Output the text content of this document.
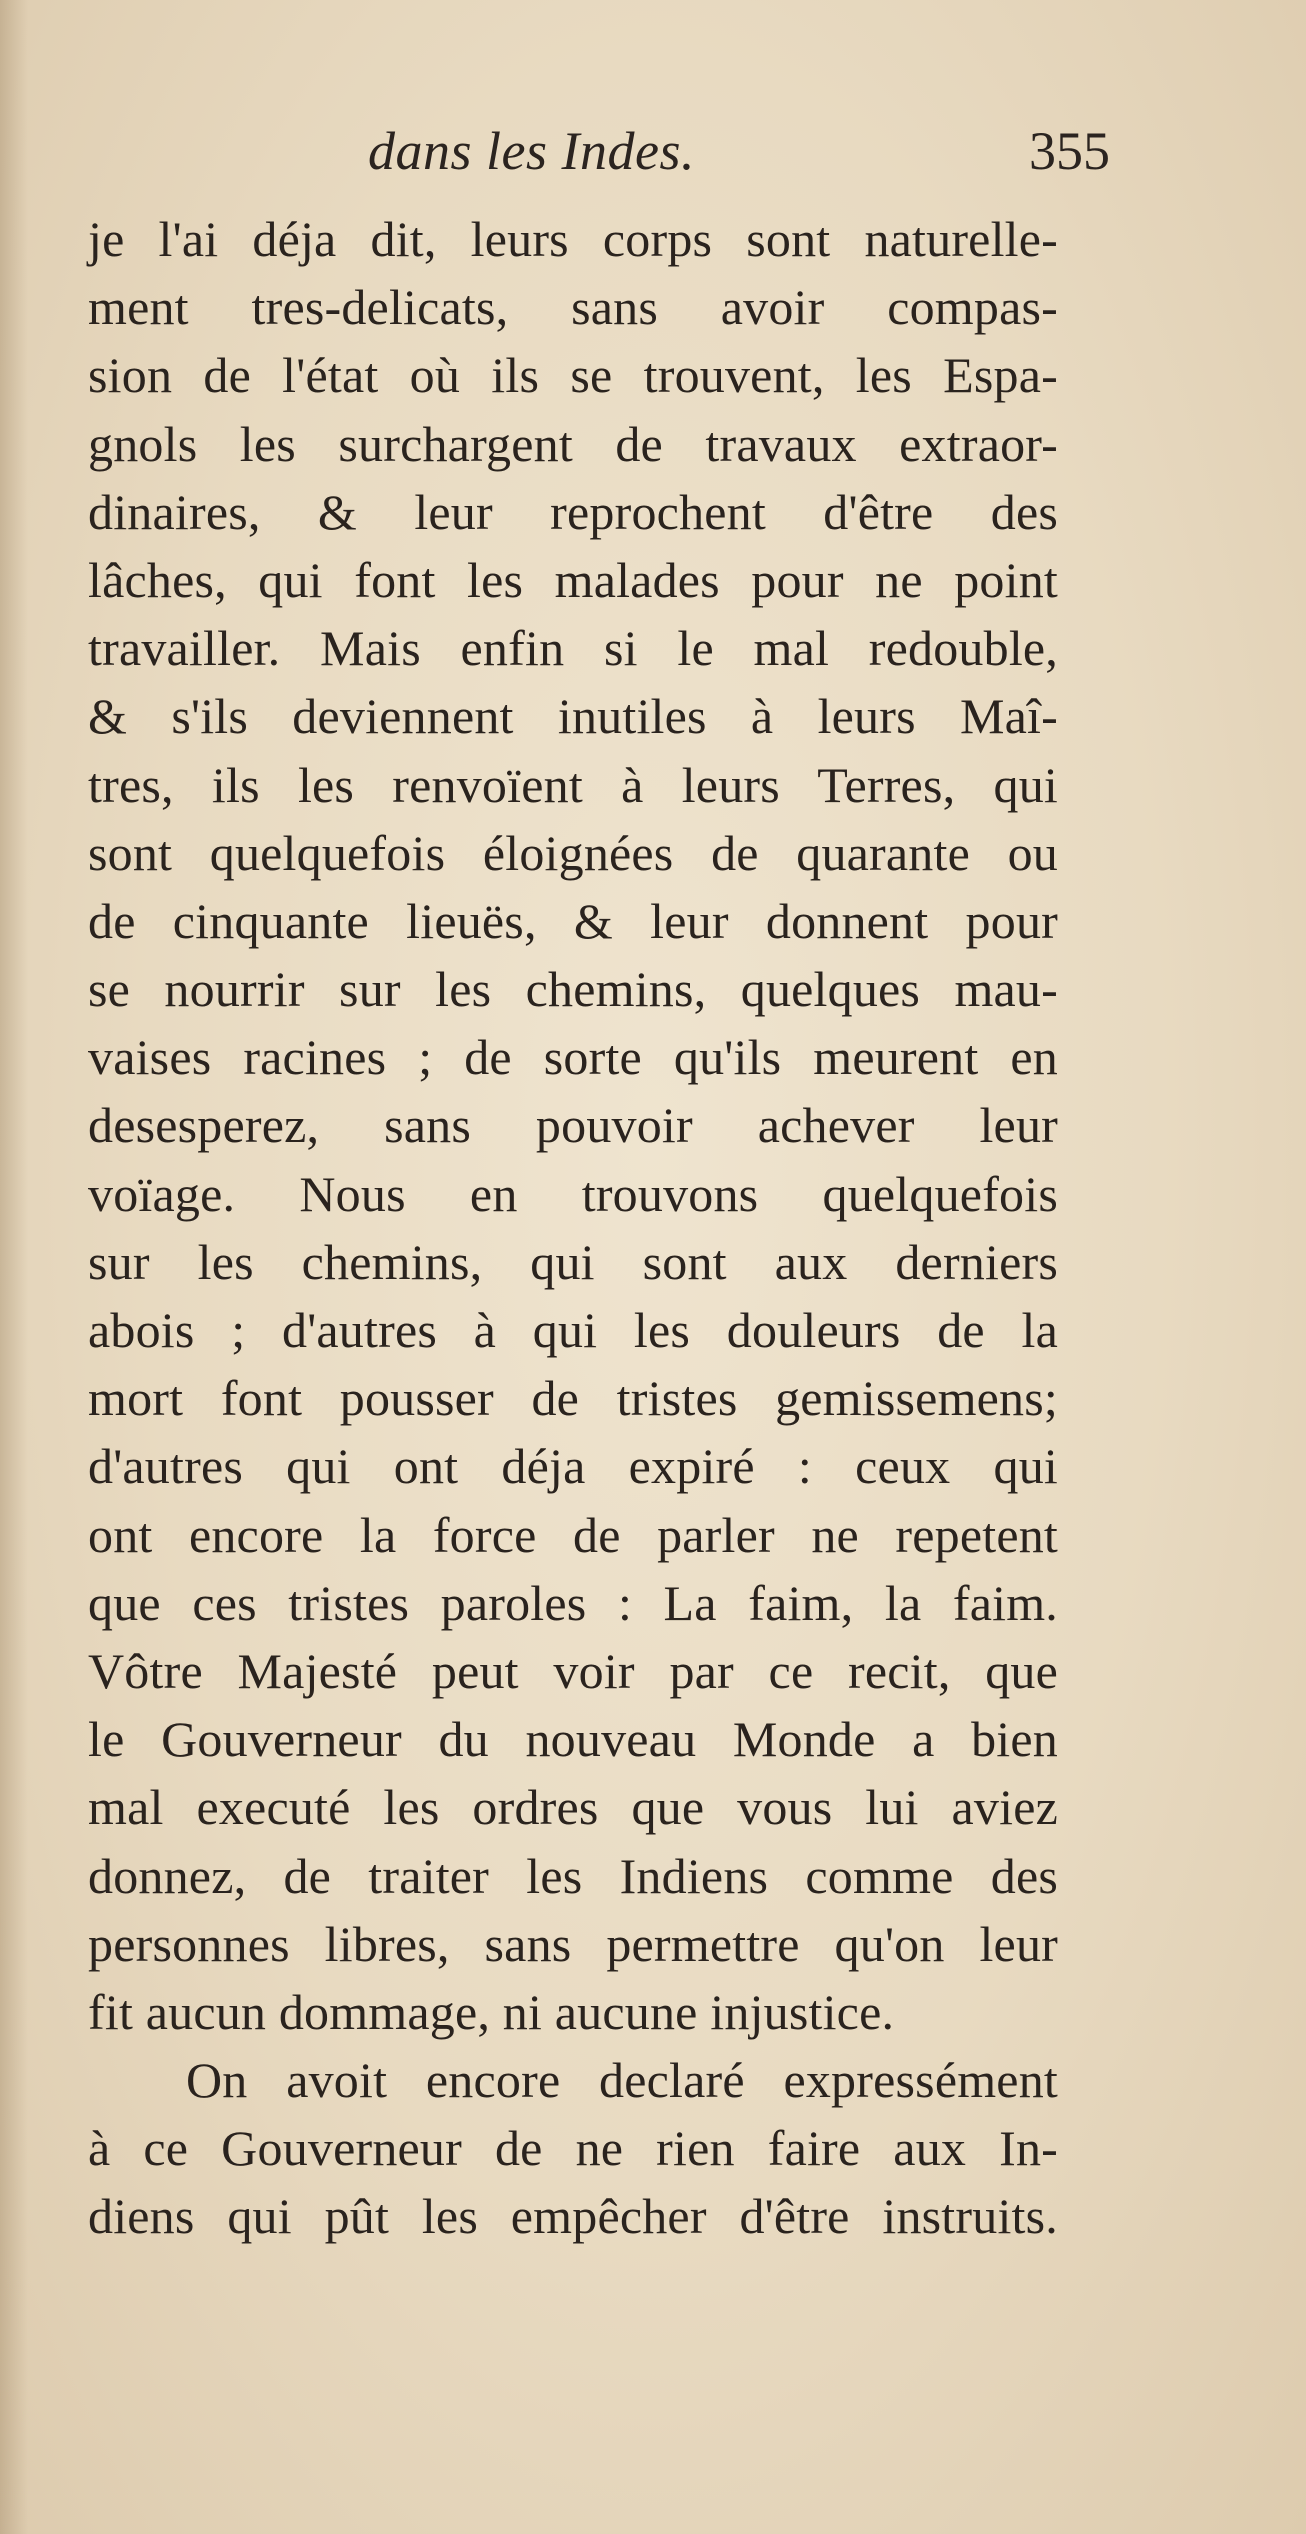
dans les Indes.	355
je l'ai déja dit, leurs corps sont naturelle-
ment tres-delicats, sans avoir compas-
sion de l'état où ils se trouvent, les Espa-
gnols les surchargent de travaux extraor-
dinaires, & leur reprochent d'être des
lâches, qui font les malades pour ne point
travailler. Mais enfin si le mal redouble,
& s'ils deviennent inutiles à leurs Maî-
tres, ils les renvoïent à leurs Terres, qui
sont quelquefois éloignées de quarante ou
de cinquante lieuës, & leur donnent pour
se nourrir sur les chemins, quelques mau-
vaises racines ; de sorte qu'ils meurent en
desesperez, sans pouvoir achever leur
voïage. Nous en trouvons quelquefois
sur les chemins, qui sont aux derniers
abois ; d'autres à qui les douleurs de la
mort font pousser de tristes gemissemens;
d'autres qui ont déja expiré : ceux qui
ont encore la force de parler ne repetent
que ces tristes paroles : La faim, la faim.
Vôtre Majesté peut voir par ce recit, que
le Gouverneur du nouveau Monde a bien
mal executé les ordres que vous lui aviez
donnez, de traiter les Indiens comme des
personnes libres, sans permettre qu'on leur
fit aucun dommage, ni aucune injustice.
On avoit encore declaré expressément
à ce Gouverneur de ne rien faire aux In-
diens qui pût les empêcher d'être instruits.
